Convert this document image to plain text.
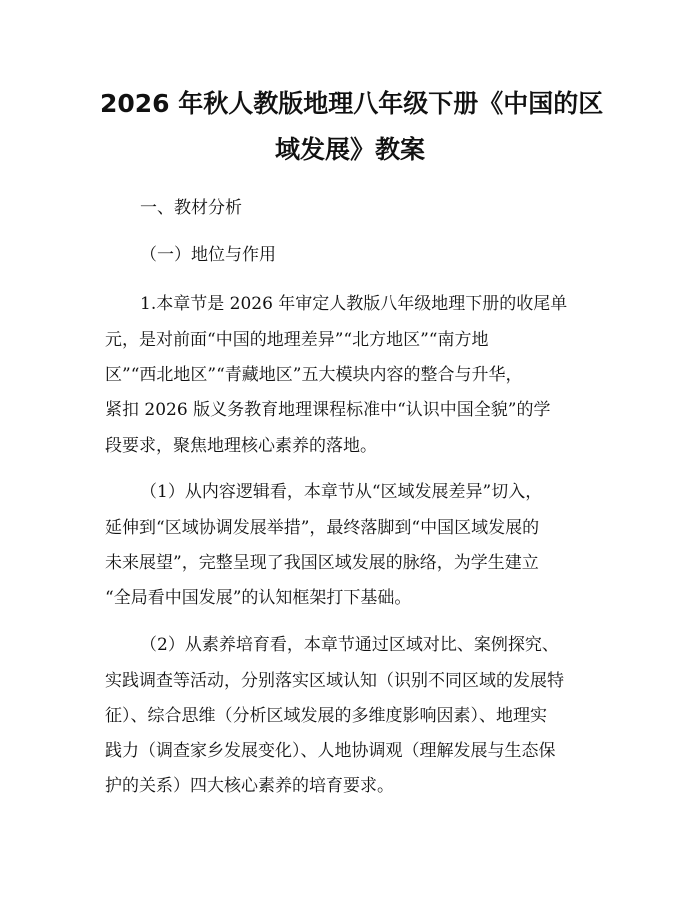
2026 年秋人教版地理八年级下册《中国的区
域发展》教案
一、教材分析
（一）地位与作用
1.本章节是 2026 年审定人教版八年级地理下册的收尾单
元，是对前面“中国的地理差异”“北方地区”“南方地
区”“西北地区”“青藏地区”五大模块内容的整合与升华，
紧扣 2026 版义务教育地理课程标准中“认识中国全貌”的学
段要求，聚焦地理核心素养的落地。
（1）从内容逻辑看，本章节从“区域发展差异”切入，
延伸到“区域协调发展举措”，最终落脚到“中国区域发展的
未来展望”，完整呈现了我国区域发展的脉络，为学生建立
“全局看中国发展”的认知框架打下基础。
（2）从素养培育看，本章节通过区域对比、案例探究、
实践调查等活动，分别落实区域认知（识别不同区域的发展特
征）、综合思维（分析区域发展的多维度影响因素）、地理实
践力（调查家乡发展变化）、人地协调观（理解发展与生态保
护的关系）四大核心素养的培育要求。
